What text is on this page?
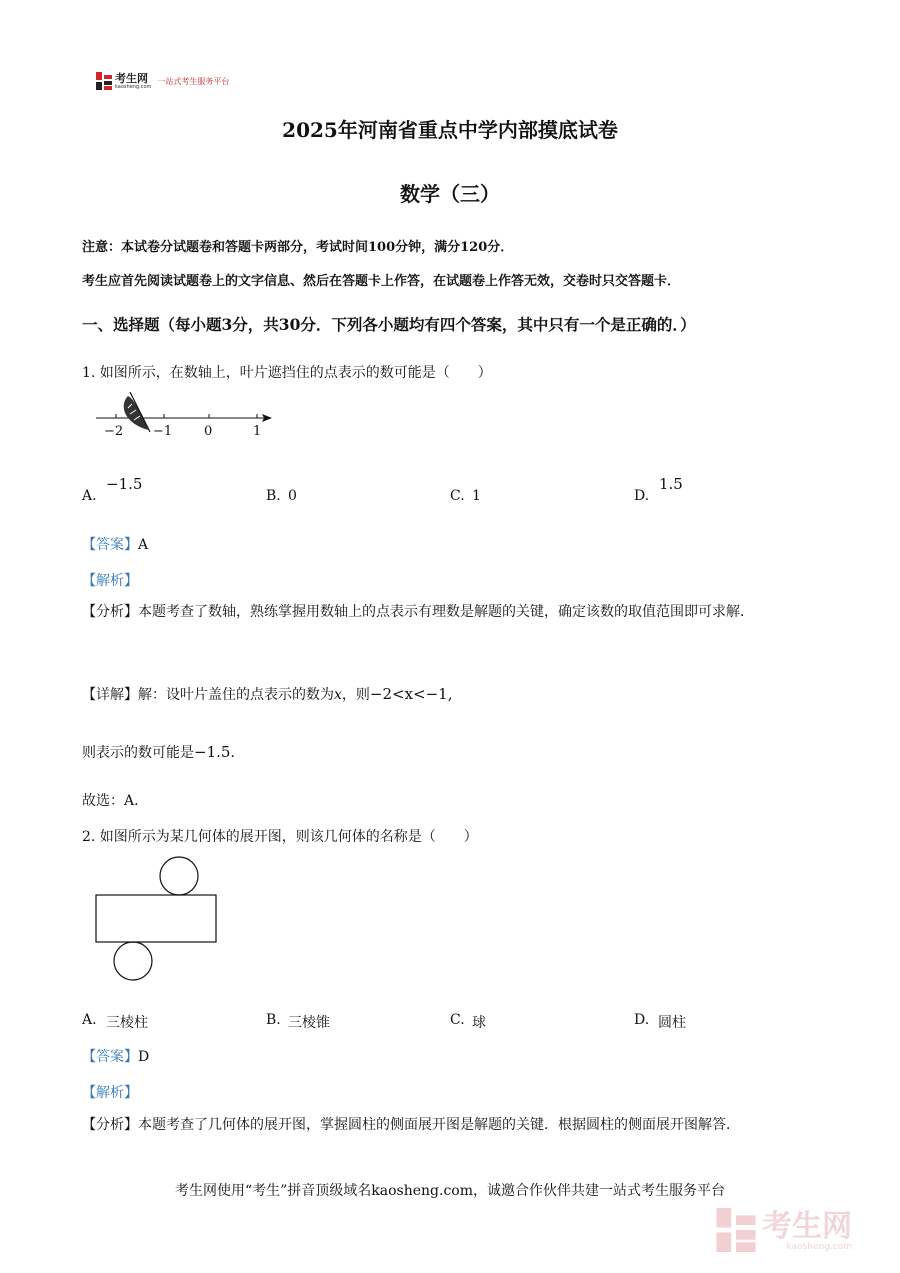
考生网
kaosheng.com
一站式考生服务平台
2025年河南省重点中学内部摸底试卷
数学（三）
注意：本试卷分试题卷和答题卡两部分，考试时间100分钟，满分120分．
考生应首先阅读试题卷上的文字信息、然后在答题卡上作答，在试题卷上作答无效，交卷时只交答题卡．
一、选择题（每小题3分，共30分．下列各小题均有四个答案，其中只有一个是正确的．）
1. 如图所示，在数轴上，叶片遮挡住的点表示的数可能是（　　）
−2 −1 0	1
A.
−1.5
B. 0	C. 1	D.
1.5
【答案】A
【解析】
【分析】本题考查了数轴，熟练掌握用数轴上的点表示有理数是解题的关键，确定该数的取值范围即可求解．
【详解】解：设叶片盖住的点表示的数为x，则−2<x<−1,
则表示的数可能是−1.5．
故选：A．
2. 如图所示为某几何体的展开图，则该几何体的名称是（　　）
A. 三棱柱	B. 三棱锥	C. 球	D. 圆柱
【答案】D
【解析】
【分析】本题考查了几何体的展开图，掌握圆柱的侧面展开图是解题的关键．根据圆柱的侧面展开图解答．
考生网使用“考生”拼音顶级域名kaosheng.com，诚邀合作伙伴共建一站式考生服务平台
考生网
kaosheng.com
